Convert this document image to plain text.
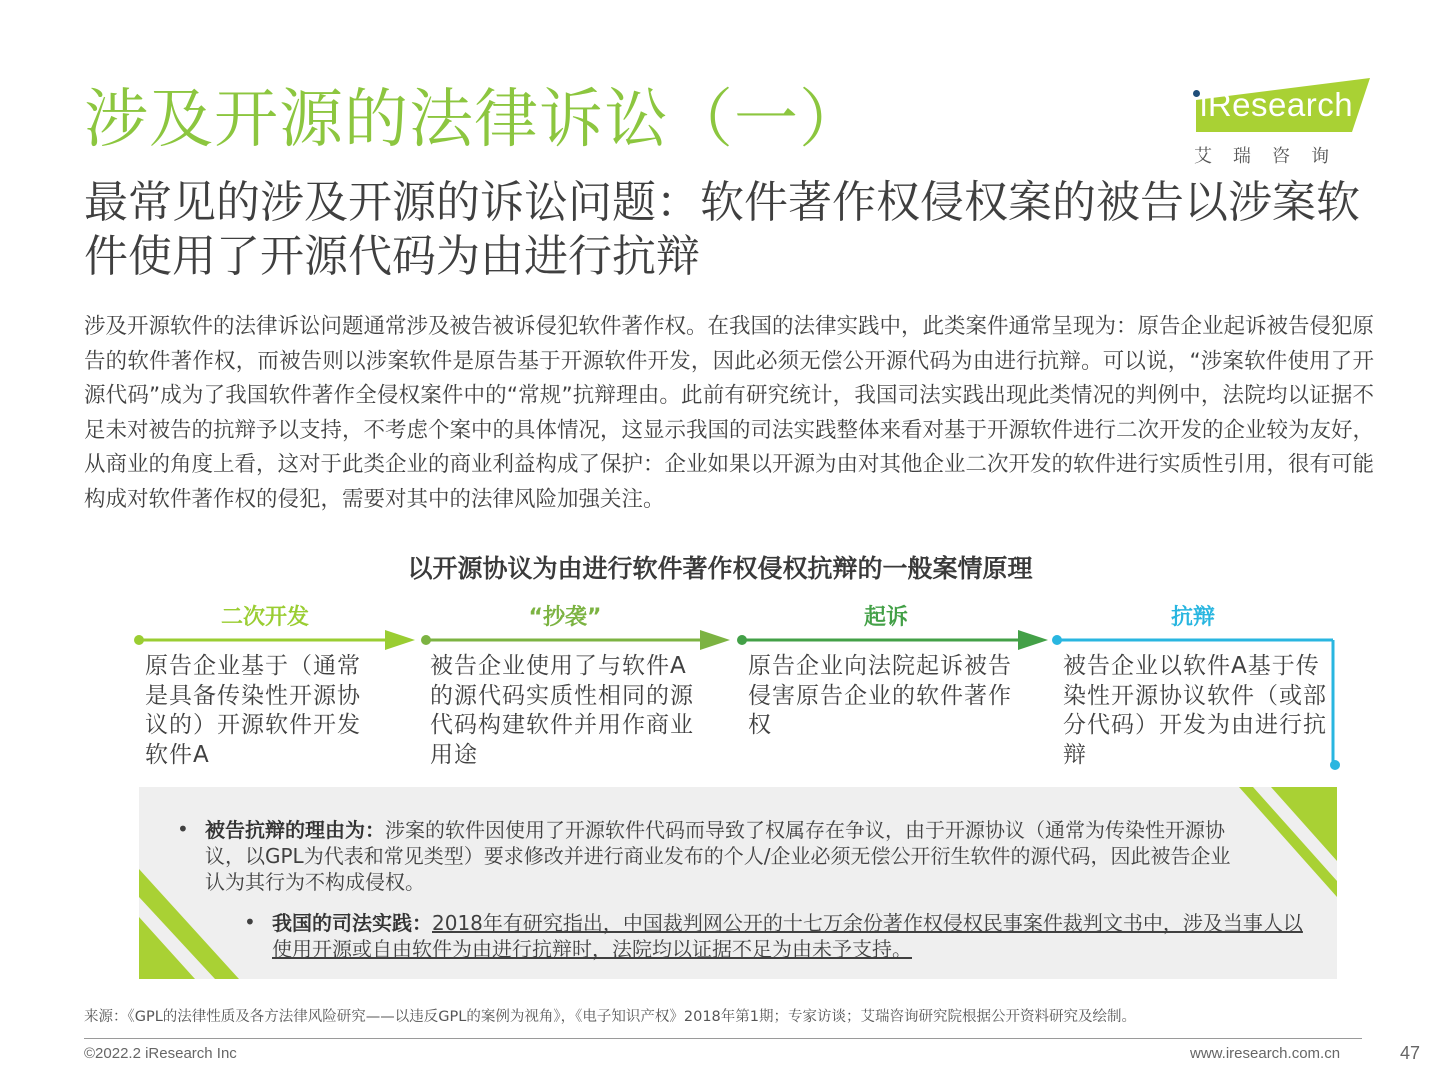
涉及开源的法律诉讼（一）
最常见的涉及开源的诉讼问题：软件著作权侵权案的被告以涉案软件使用了开源代码为由进行抗辩
iResearch
艾瑞咨询
涉及开源软件的法律诉讼问题通常涉及被告被诉侵犯软件著作权。在我国的法律实践中，此类案件通常呈现为：原告企业起诉被告侵犯原告的软件著作权，而被告则以涉案软件是原告基于开源软件开发，因此必须无偿公开源代码为由进行抗辩。可以说，“涉案软件使用了开源代码”成为了我国软件著作全侵权案件中的“常规”抗辩理由。此前有研究统计，我国司法实践出现此类情况的判例中，法院均以证据不足未对被告的抗辩予以支持，不考虑个案中的具体情况，这显示我国的司法实践整体来看对基于开源软件进行二次开发的企业较为友好，从商业的角度上看，这对于此类企业的商业利益构成了保护：企业如果以开源为由对其他企业二次开发的软件进行实质性引用，很有可能构成对软件著作权的侵犯，需要对其中的法律风险加强关注。
以开源协议为由进行软件著作权侵权抗辩的一般案情原理
二次开发	“抄袭”	起诉	抗辩
原告企业基于（通常是具备传染性开源协议的）开源软件开发软件A
被告企业使用了与软件A的源代码实质性相同的源代码构建软件并用作商业用途
原告企业向法院起诉被告侵害原告企业的软件著作权
被告企业以软件A基于传染性开源协议软件（或部分代码）开发为由进行抗辩
• 被告抗辩的理由为：涉案的软件因使用了开源软件代码而导致了权属存在争议，由于开源协议（通常为传染性开源协议，以GPL为代表和常见类型）要求修改并进行商业发布的个人/企业必须无偿公开衍生软件的源代码，因此被告企业认为其行为不构成侵权。
• 我国的司法实践：2018年有研究指出，中国裁判网公开的十七万余份著作权侵权民事案件裁判文书中，涉及当事人以使用开源或自由软件为由进行抗辩时，法院均以证据不足为由未予支持。
来源：《GPL的法律性质及各方法律风险研究——以违反GPL的案例为视角》，《电子知识产权》2018年第1期；专家访谈；艾瑞咨询研究院根据公开资料研究及绘制。
©2022.2 iResearch Inc	www.iresearch.com.cn	47
